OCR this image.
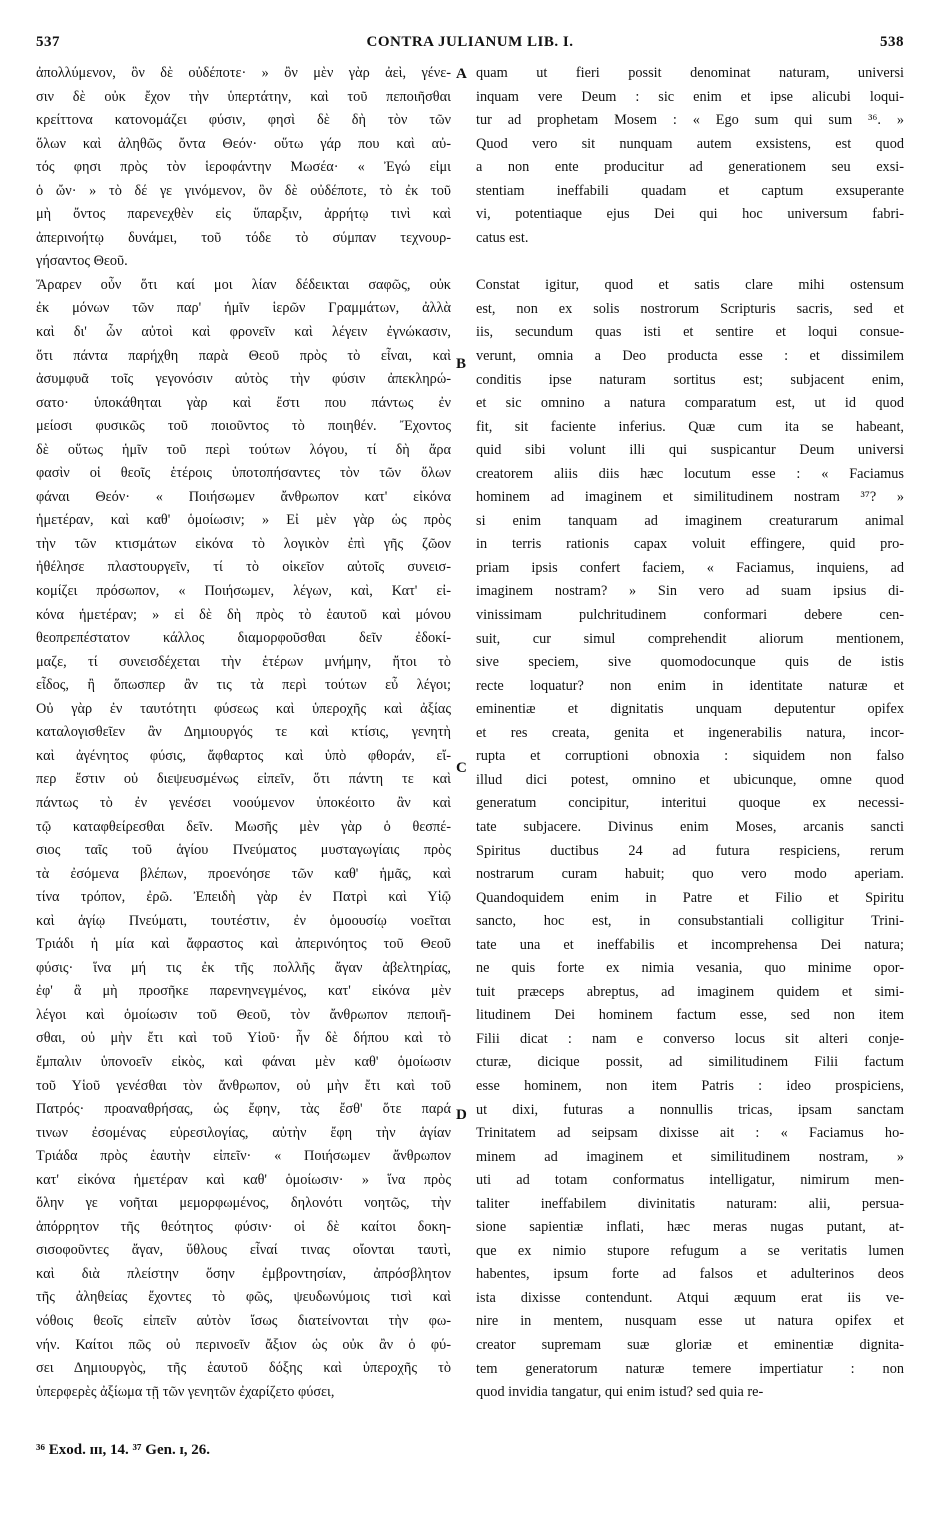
537	CONTRA JULIANUM LIB. I.	538
ἀπολλύμενον, ὃν δὲ οὐδέποτε· » ὂν μὲν γὰρ ἀεὶ, γένε-
σιν δὲ οὐκ ἔχον τὴν ὑπερτάτην, καὶ τοῦ πεποιῆσθαι
κρείττονα κατονομάζει φύσιν, φησὶ δὲ δὴ τὸν τῶν
ὅλων καὶ ἀληθῶς ὄντα Θεόν· οὕτω γάρ που καὶ αὐ-
τός φησι πρὸς τὸν ἱεροφάντην Μωσέα· « Ἐγώ εἰμι
ὁ ὤν· » τὸ δέ γε γινόμενον, ὃν δὲ οὐδέποτε, τὸ ἐκ τοῦ
μὴ ὄντος παρενεχθὲν εἰς ὕπαρξιν, ἀρρήτῳ τινὶ καὶ
ἀπερινοήτῳ δυνάμει, τοῦ τόδε τὸ σύμπαν τεχνουρ-
γήσαντος Θεοῦ.
Ἄραρεν οὖν ὅτι καί μοι λίαν δέδεικται σαφῶς, οὐκ
ἐκ μόνων τῶν παρ' ἡμῖν ἱερῶν Γραμμάτων, ἀλλὰ
καὶ δι' ὧν αὐτοὶ καὶ φρονεῖν καὶ λέγειν ἐγνώκασιν,
ὅτι πάντα παρήχθη παρὰ Θεοῦ πρὸς τὸ εἶναι, καὶ
ἀσυμφυᾶ τοῖς γεγονόσιν αὐτὸς τὴν φύσιν ἀπεκληρώ-
σατο· ὑποκάθηται γὰρ καὶ ἔστι που πάντως ἐν
μείοσι φυσικῶς τοῦ ποιοῦντος τὸ ποιηθέν. Ἔχοντος
δὲ οὕτως ἡμῖν τοῦ περὶ τούτων λόγου, τί δὴ ἄρα
φασὶν οἱ θεοῖς ἑτέροις ὑποτοπήσαντες τὸν τῶν ὅλων
φάναι Θεόν· « Ποιήσωμεν ἄνθρωπον κατ' εἰκόνα
ἡμετέραν, καὶ καθ' ὁμοίωσιν; » Εἰ μὲν γὰρ ὡς πρὸς
τὴν τῶν κτισμάτων εἰκόνα τὸ λογικὸν ἐπὶ γῆς ζῶον
ἠθέλησε πλαστουργεῖν, τί τὸ οἰκεῖον αὐτοῖς συνεισ-
κομίζει πρόσωπον, « Ποιήσωμεν, λέγων, καὶ, Κατ' εἰ-
κόνα ἡμετέραν; » εἰ δὲ δὴ πρὸς τὸ ἑαυτοῦ καὶ μόνου
θεοπρεπέστατον κάλλος διαμορφοῦσθαι δεῖν ἐδοκί-
μαζε, τί συνεισδέχεται τὴν ἑτέρων μνήμην, ἤτοι τὸ
εἶδος, ἢ ὅπωσπερ ἂν τις τὰ περὶ τούτων εὖ λέγοι;
Οὐ γὰρ ἐν ταυτότητι φύσεως καὶ ὑπεροχῆς καὶ ἀξίας
καταλογισθεῖεν ἂν Δημιουργός τε καὶ κτίσις, γενητὴ
καὶ ἀγένητος φύσις, ἄφθαρτος καὶ ὑπὸ φθοράν, εἴ-
περ ἔστιν οὐ διεψευσμένως εἰπεῖν, ὅτι πάντη τε καὶ
πάντως τὸ ἐν γενέσει νοούμενον ὑποκέοιτο ἂν καὶ
τῷ καταφθείρεσθαι δεῖν. Μωσῆς μὲν γὰρ ὁ θεσπέ-
σιος ταῖς τοῦ ἁγίου Πνεύματος μυσταγωγίαις πρὸς
τὰ ἐσόμενα βλέπων, προενόησε τῶν καθ' ἡμᾶς, καὶ
τίνα τρόπον, ἐρῶ. Ἐπειδὴ γὰρ ἐν Πατρὶ καὶ Υἱῷ
καὶ ἁγίῳ Πνεύματι, τουτέστιν, ἐν ὁμοουσίῳ νοεῖται
Τριάδι ἡ μία καὶ ἄφραστος καὶ ἀπερινόητος τοῦ Θεοῦ
φύσις· ἵνα μή τις ἐκ τῆς πολλῆς ἄγαν ἀβελτηρίας,
ἐφ' ἃ μὴ προσῆκε παρενηνεγμένος, κατ' εἰκόνα μὲν
λέγοι καὶ ὁμοίωσιν τοῦ Θεοῦ, τὸν ἄνθρωπον πεποιῆ-
σθαι, οὐ μὴν ἔτι καὶ τοῦ Υἱοῦ· ἦν δὲ δήπου καὶ τὸ
ἔμπαλιν ὑπονοεῖν εἰκὸς, καὶ φάναι μὲν καθ' ὁμοίωσιν
τοῦ Υἱοῦ γενέσθαι τὸν ἄνθρωπον, οὐ μὴν ἔτι καὶ τοῦ
Πατρός· προαναθρήσας, ὡς ἔφην, τὰς ἔσθ' ὅτε παρά
τινων ἐσομένας εὑρεσιλογίας, αὐτὴν ἔφη τὴν ἁγίαν
Τριάδα πρὸς ἑαυτὴν εἰπεῖν· « Ποιήσωμεν ἄνθρωπον
κατ' εἰκόνα ἡμετέραν καὶ καθ' ὁμοίωσιν· » ἵνα πρὸς
ὅλην γε νοῆται μεμορφωμένος, δηλονότι νοητῶς, τὴν
ἀπόρρητον τῆς θεότητος φύσιν· οἱ δὲ καίτοι δοκη-
σισοφοῦντες ἄγαν, ὕθλους εἶναί τινας οἴονται ταυτὶ,
καὶ διὰ πλείστην ὅσην ἐμβροντησίαν, ἀπρόσβλητον
τῆς ἀληθείας ἔχοντες τὸ φῶς, ψευδωνύμοις τισὶ καὶ
νόθοις θεοῖς εἰπεῖν αὐτὸν ἴσως διατείνονται τὴν φω-
νήν. Καίτοι πῶς οὐ περινοεῖν ἄξιον ὡς οὐκ ἂν ὁ φύ-
σει Δημιουργὸς, τῆς ἑαυτοῦ δόξης καὶ ὑπεροχῆς τὸ
ὑπερφερὲς ἀξίωμα τῇ τῶν γενητῶν ἐχαρίζετο φύσει,
quam ut fieri possit denominat naturam, universi
inquam vere Deum : sic enim et ipse alicubi loqui-
tur ad prophetam Mosem : « Ego sum qui sum ³⁶. »
Quod vero sit nunquam autem exsistens, est quod
a non ente producitur ad generationem seu exsi-
stentiam ineffabili quadam et captum exsuperante
vi, potentiaque ejus Dei qui hoc universum fabri-
catus est.
Constat igitur, quod et satis clare mihi ostensum
est, non ex solis nostrorum Scripturis sacris, sed et
iis, secundum quas isti et sentire et loqui consue-
verunt, omnia a Deo producta esse : et dissimilem
conditis ipse naturam sortitus est; subjacent enim,
et sic omnino a natura comparatum est, ut id quod
fit, sit faciente inferius. Quæ cum ita se habeant,
quid sibi volunt illi qui suspicantur Deum universi
creatorem aliis diis hæc locutum esse : « Faciamus
hominem ad imaginem et similitudinem nostram ³⁷? »
si enim tanquam ad imaginem creaturarum animal
in terris rationis capax voluit effingere, quid pro-
priam ipsis confert faciem, « Faciamus, inquiens, ad
imaginem nostram? » Sin vero ad suam ipsius di-
vinissimam pulchritudinem conformari debere cen-
suit, cur simul comprehendit aliorum mentionem,
sive speciem, sive quomodocunque quis de istis
recte loquatur? non enim in identitate naturæ et
eminentiæ et dignitatis unquam deputentur opifex
et res creata, genita et ingenerabilis natura, incor-
rupta et corruptioni obnoxia : siquidem non falso
illud dici potest, omnino et ubicunque, omne quod
generatum concipitur, interitui quoque ex necessi-
tate subjacere. Divinus enim Moses, arcanis sancti
Spiritus ductibus 24 ad futura respiciens, rerum
nostrarum curam habuit; quo vero modo aperiam.
Quandoquidem enim in Patre et Filio et Spiritu
sancto, hoc est, in consubstantiali colligitur Trini-
tate una et ineffabilis et incomprehensa Dei natura;
ne quis forte ex nimia vesania, quo minime opor-
tuit præceps abreptus, ad imaginem quidem et simi-
litudinem Dei hominem factum esse, sed non item
Filii dicat : nam e converso locus sit alteri conje-
cturæ, dicique possit, ad similitudinem Filii factum
esse hominem, non item Patris : ideo prospiciens,
ut dixi, futuras a nonnullis tricas, ipsam sanctam
Trinitatem ad seipsam dixisse ait : « Faciamus ho-
minem ad imaginem et similitudinem nostram, »
uti ad totam conformatus intelligatur, nimirum men-
taliter ineffabilem divinitatis naturam: alii, persua-
sione sapientiæ inflati, hæc meras nugas putant, at-
que ex nimio stupore refugum a se veritatis lumen
habentes, ipsum forte ad falsos et adulterinos deos
ista dixisse contendunt. Atqui æquum erat iis ve-
nire in mentem, nusquam esse ut natura opifex et
creator supremam suæ gloriæ et eminentiæ dignita-
tem generatorum naturæ temere impertiatur : non
quod invidia tangatur, qui enim istud? sed quia re-
A
B
C
D
³⁶ Exod. ɪɪɪ, 14. ³⁷ Gen. ɪ, 26.
